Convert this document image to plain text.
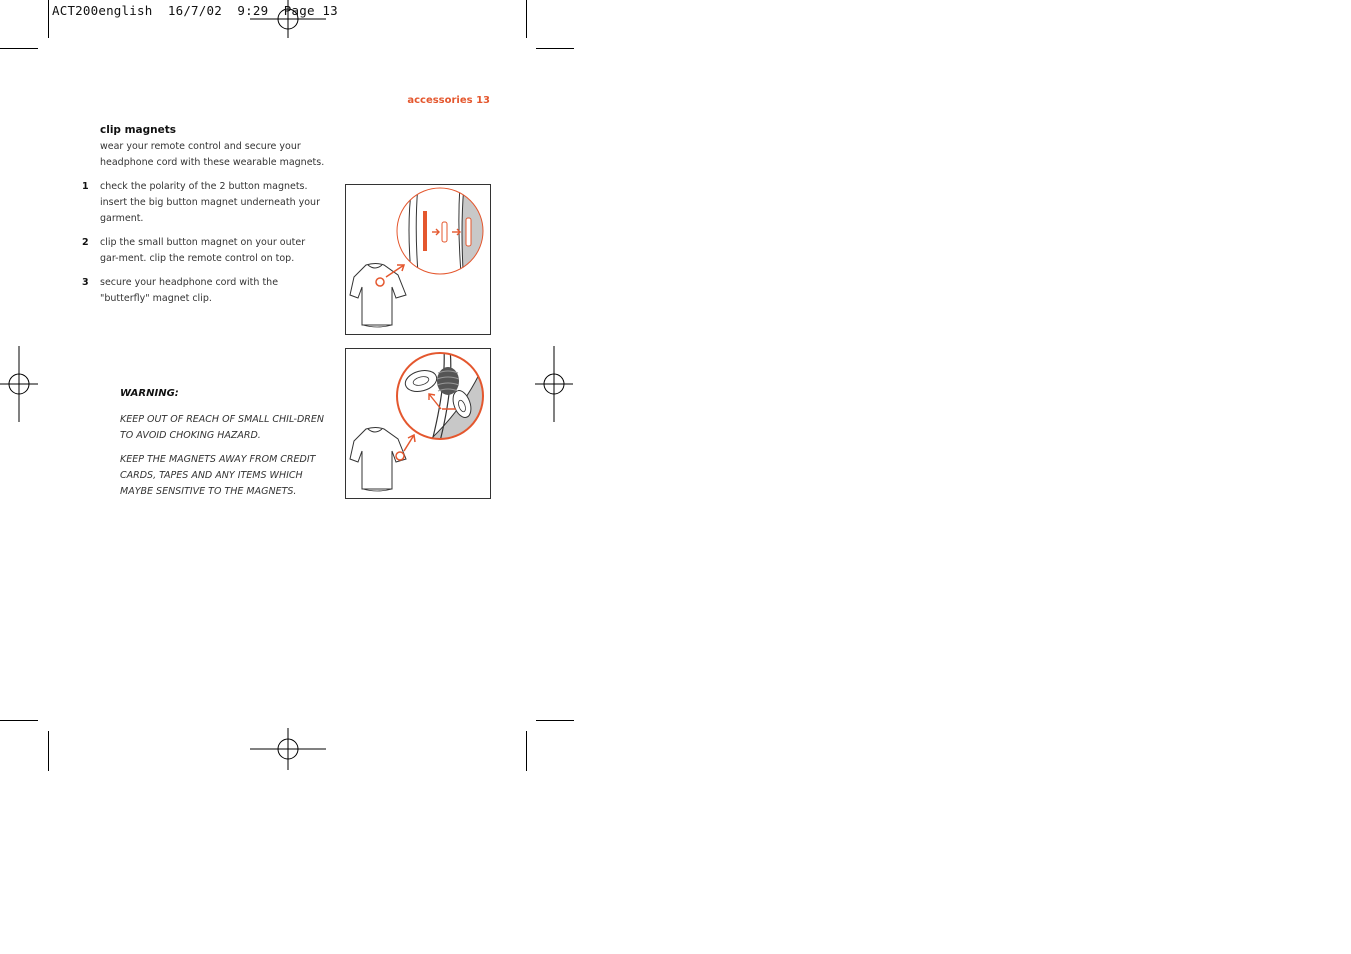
ACT200english  16/7/02  9:29  Page 13
accessories 13
clip magnets
wear your remote control and secure your headphone cord with these wearable magnets.
1 check the polarity of the 2 button magnets. insert the big button magnet underneath your garment.
2 clip the small button magnet on your outer gar-ment. clip the remote control on top.
3 secure your headphone cord with the "butterfly" magnet clip.
WARNING:
KEEP OUT OF REACH OF SMALL CHIL-DREN TO AVOID CHOKING HAZARD.
KEEP THE MAGNETS AWAY FROM CREDIT CARDS, TAPES AND ANY ITEMS WHICH MAYBE SENSITIVE TO THE MAGNETS.
